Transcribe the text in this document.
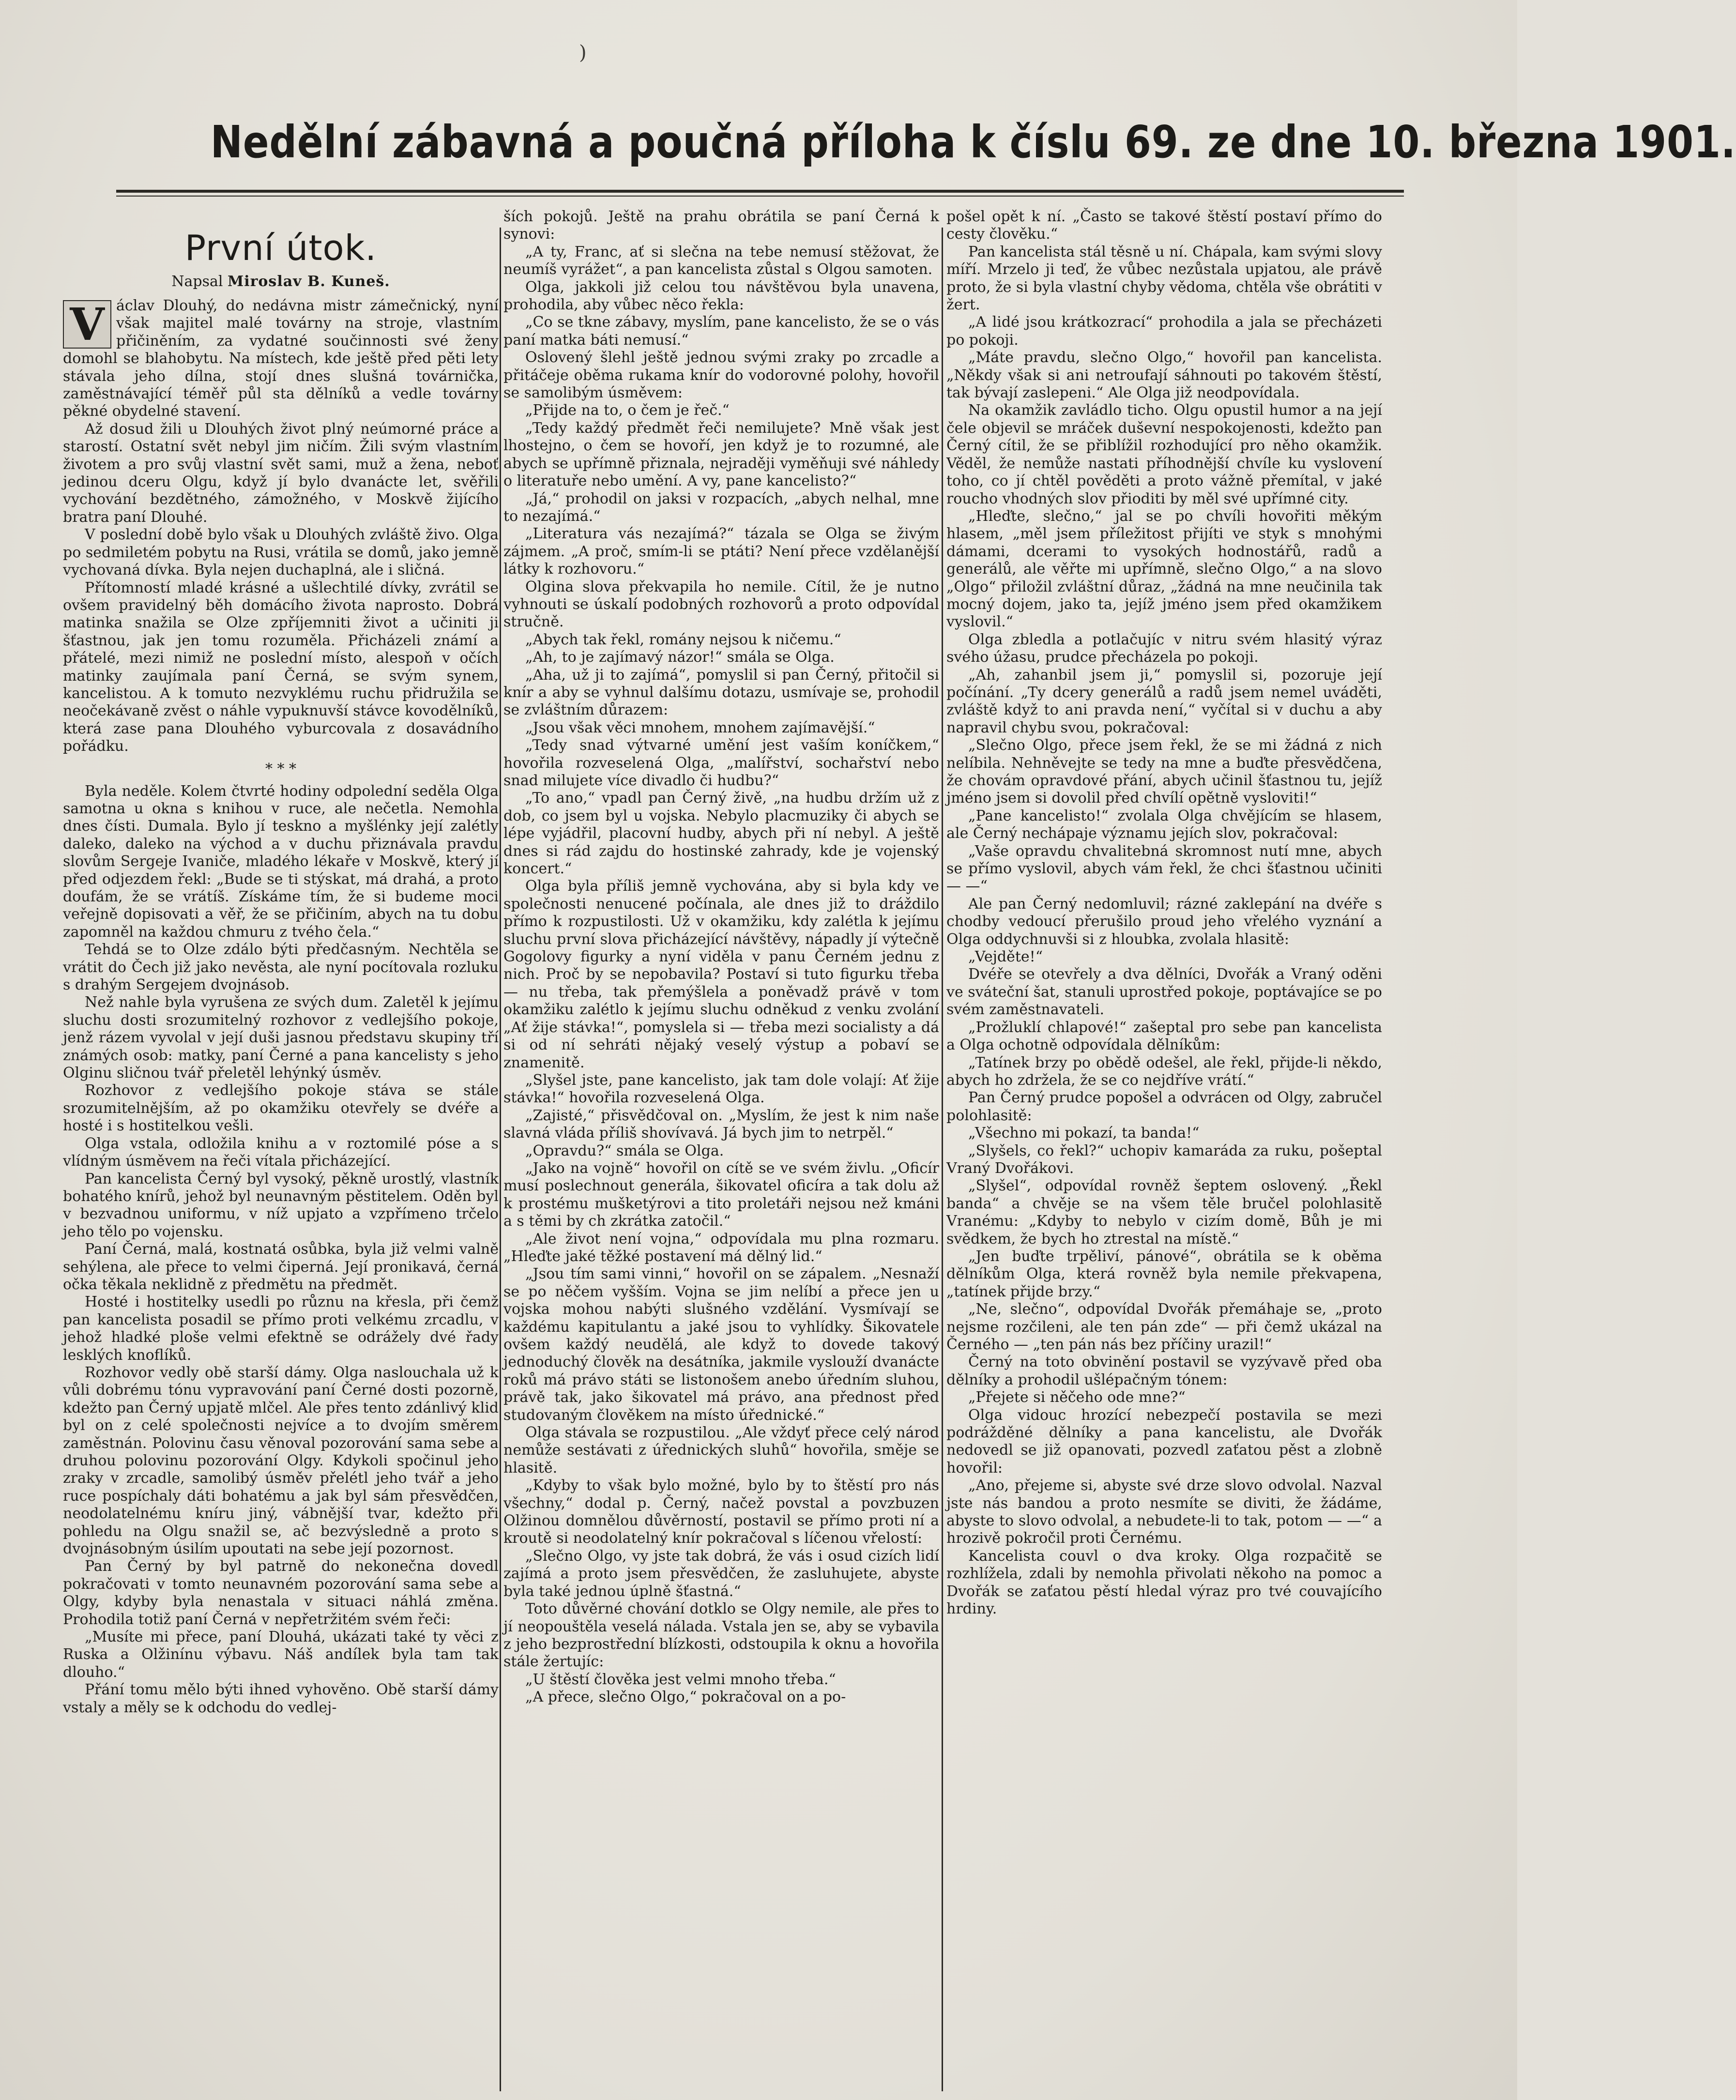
)
Nedělní zábavná a poučná příloha k číslu 69. ze dne 10. března 1901.
První útok.
Napsal Miroslav B. Kuneš.
V áclav Dlouhý, do nedávna mistr zámečnický, nyní však majitel malé továrny na stroje, vlastním přičiněním, za vydatné součinnosti své ženy domohl se blahobytu. Na místech, kde ještě před pěti lety stávala jeho dílna, stojí dnes slušná továrnička, zaměstnávající téměř půl sta dělníků a vedle továrny pěkné obydelné stavení.

Až dosud žili u Dlouhých život plný neúmorné práce a starostí. Ostatní svět nebyl jim ničím. Žili svým vlastním životem a pro svůj vlastní svět sami, muž a žena, neboť jedinou dceru Olgu, když jí bylo dvanácte let, svěřili vychování bezdětného, zámožného, v Moskvě žijícího bratra paní Dlouhé.

V poslední době bylo však u Dlouhých zvláště živo. Olga po sedmiletém pobytu na Rusi, vrátila se domů, jako jemně vychovaná dívka. Byla nejen duchaplná, ale i sličná.

Přítomností mladé krásné a ušlechtilé dívky, zvrátil se ovšem pravidelný běh domácího života naprosto. Dobrá matinka snažila se Olze zpříjemniti život a učiniti ji šťastnou, jak jen tomu rozuměla. Přicházeli známí a přátelé, mezi nimiž ne poslední místo, alespoň v očích matinky zaujímala paní Černá, se svým synem, kancelistou. A k tomuto nezvyklému ruchu přidružila se neočekávaně zvěst o náhle vypuknuvší stávce kovodělníků, která zase pana Dlouhého vyburcovala z dosavádního pořádku.

* * *

Byla neděle. Kolem čtvrté hodiny odpolední seděla Olga samotna u okna s knihou v ruce, ale nečetla. Nemohla dnes čísti. Dumala. Bylo jí teskno a myšlénky její zalétly daleko, daleko na východ a v duchu přiznávala pravdu slovům Sergeje Ivaniče, mladého lékaře v Moskvě, který jí před odjezdem řekl: „Bude se ti stýskat, má drahá, a proto doufám, že se vrátíš. Získáme tím, že si budeme moci veřejně dopisovati a věř, že se přičiním, abych na tu dobu zapomněl na každou chmuru z tvého čela.“

Tehdá se to Olze zdálo býti předčasným. Nechtěla se vrátit do Čech již jako nevěsta, ale nyní pocítovala rozluku s drahým Sergejem dvojnásob.

Než nahle byla vyrušena ze svých dum. Zaletěl k jejímu sluchu dosti srozumitelný rozhovor z vedlejšího pokoje, jenž rázem vyvolal v její duši jasnou představu skupiny tří známých osob: matky, paní Černé a pana kancelisty s jeho Olginu sličnou tvář přeletěl lehýnký úsměv.

Rozhovor z vedlejšího pokoje stáva se stále srozumitelnějším, až po okamžiku otevřely se dvéře a hosté i s hostitelkou vešli.

Olga vstala, odložila knihu a v roztomilé póse a s vlídným úsměvem na řeči vítala přicházející.

Pan kancelista Černý byl vysoký, pěkně urostlý, vlastník bohatého knírů, jehož byl neunavným pěstitelem. Oděn byl v bezvadnou uniformu, v níž upjato a vzpřímeno trčelo jeho tělo po vojensku.

Paní Černá, malá, kostnatá osůbka, byla již velmi valně sehýlena, ale přece to velmi čiperná. Její pronikavá, černá očka těkala neklidně z předmětu na předmět.

Hosté i hostitelky usedli po různu na křesla, při čemž pan kancelista posadil se přímo proti velkému zrcadlu, v jehož hladké ploše velmi efektně se odrážely dvé řady lesklých knoflíků.

Rozhovor vedly obě starší dámy. Olga naslouchala už k vůli dobrému tónu vypravování paní Černé dosti pozorně, kdežto pan Černý upjatě mlčel. Ale přes tento zdánlivý klid byl on z celé společnosti nejvíce a to dvojím směrem zaměstnán. Polovinu času věnoval pozorování sama sebe a druhou polovinu pozorování Olgy. Kdykoli spočinul jeho zraky v zrcadle, samolibý úsměv přelétl jeho tvář a jeho ruce pospíchaly dáti bohatému a jak byl sám přesvědčen, neodolatelnému kníru jiný, vábnější tvar, kdežto při pohledu na Olgu snažil se, ač bezvýsledně a proto s dvojnásobným úsilím upoutati na sebe její pozornost.

Pan Černý by byl patrně do nekonečna dovedl pokračovati v tomto neunavném pozorování sama sebe a Olgy, kdyby byla nenastala v situaci náhlá změna. Prohodila totiž paní Černá v nepřetržitém svém řeči:

„Musíte mi přece, paní Dlouhá, ukázati také ty věci z Ruska a Olžinínu výbavu. Náš andílek byla tam tak dlouho.“

Přání tomu mělo býti ihned vyhověno. Obě starší dámy vstaly a měly se k odchodu do vedlej-

ších pokojů. Ještě na prahu obrátila se paní Černá k synovi:

„A ty, Franc, ať si slečna na tebe nemusí stěžovat, že neumíš vyrážet“, a pan kancelista zůstal s Olgou samoten.

Olga, jakkoli již celou tou návštěvou byla unavena, prohodila, aby vůbec něco řekla:

„Co se tkne zábavy, myslím, pane kancelisto, že se o vás paní matka báti nemusí.“

Oslovený šlehl ještě jednou svými zraky po zrcadle a přitáčeje oběma rukama knír do vodorovné polohy, hovořil se samolibým úsměvem:

„Přijde na to, o čem je řeč.“

„Tedy každý předmět řeči nemilujete? Mně však jest lhostejno, o čem se hovoří, jen když je to rozumné, ale abych se upřímně přiznala, nejraději vyměňuji své náhledy o literatuře nebo umění. A vy, pane kancelisto?“

„Já,“ prohodil on jaksi v rozpacích, „abych nelhal, mne to nezajímá.“

„Literatura vás nezajímá?“ tázala se Olga se živým zájmem. „A proč, smím-li se ptáti? Není přece vzdělanější látky k rozhovoru.“

Olgina slova překvapila ho nemile. Cítil, že je nutno vyhnouti se úskalí podobných rozhovorů a proto odpovídal stručně.

„Abych tak řekl, romány nejsou k ničemu.“

„Ah, to je zajímavý názor!“ smála se Olga.

„Aha, už ji to zajímá“, pomyslil si pan Černý, přitočil si knír a aby se vyhnul dalšímu dotazu, usmívaje se, prohodil se zvláštním důrazem:

„Jsou však věci mnohem, mnohem zajímavější.“

„Tedy snad výtvarné umění jest vaším koníčkem,“ hovořila rozveselená Olga, „malířství, sochařství nebo snad milujete více divadlo či hudbu?“

„To ano,“ vpadl pan Černý živě, „na hudbu držím už z dob, co jsem byl u vojska. Nebylo placmuziky či abych se lépe vyjádřil, placovní hudby, abych při ní nebyl. A ještě dnes si rád zajdu do hostinské zahrady, kde je vojenský koncert.“

Olga byla příliš jemně vychována, aby si byla kdy ve společnosti nenucené počínala, ale dnes již to dráždilo přímo k rozpustilosti. Už v okamžiku, kdy zalétla k jejímu sluchu první slova přicházející návštěvy, nápadly jí výtečně Gogolovy figurky a nyní viděla v panu Černém jednu z nich. Proč by se nepobavila? Postaví si tuto figurku třeba — nu třeba, tak přemýšlela a poněvadž právě v tom okamžiku zalétlo k jejímu sluchu odněkud z venku zvolání „Ať žije stávka!“, pomyslela si — třeba mezi socialisty a dá si od ní sehráti nějaký veselý výstup a pobaví se znamenitě.

„Slyšel jste, pane kancelisto, jak tam dole volají: Ať žije stávka!“ hovořila rozveselená Olga.

„Zajisté,“ přisvědčoval on. „Myslím, že jest k nim naše slavná vláda příliš shovívavá. Já bych jim to netrpěl.“

„Opravdu?“ smála se Olga.

„Jako na vojně“ hovořil on cítě se ve svém živlu. „Oficír musí poslechnout generála, šikovatel oficíra a tak dolu až k prostému mušketýrovi a tito proletáři nejsou než kmáni a s těmi by ch zkrátka zatočil.“

„Ale život není vojna,“ odpovídala mu plna rozmaru. „Hleďte jaké těžké postavení má dělný lid.“

„Jsou tím sami vinni,“ hovořil on se zápalem. „Nesnaží se po něčem vyšším. Vojna se jim nelíbí a přece jen u vojska mohou nabýti slušného vzdělání. Vysmívají se každému kapitulantu a jaké jsou to vyhlídky. Šikovatele ovšem každý neudělá, ale když to dovede takový jednoduchý člověk na desátníka, jakmile vyslouží dvanácte roků má právo státi se listonošem anebo úředním sluhou, právě tak, jako šikovatel má právo, ana přednost před studovaným člověkem na místo úřednické.“

Olga stávala se rozpustilou. „Ale vždyť přece celý národ nemůže sestávati z úřednických sluhů“ hovořila, směje se hlasitě.

„Kdyby to však bylo možné, bylo by to štěstí pro nás všechny,“ dodal p. Černý, načež povstal a povzbuzen Olžinou domnělou důvěrností, postavil se přímo proti ní a kroutě si neodolatelný knír pokračoval s líčenou vřelostí:

„Slečno Olgo, vy jste tak dobrá, že vás i osud cizích lidí zajímá a proto jsem přesvědčen, že zasluhujete, abyste byla také jednou úplně šťastná.“

Toto důvěrné chování dotklo se Olgy nemile, ale přes to jí neopouštěla veselá nálada. Vstala jen se, aby se vybavila z jeho bezprostřední blízkosti, odstoupila k oknu a hovořila stále žertujíc:

„U štěstí člověka jest velmi mnoho třeba.“

„A přece, slečno Olgo,“ pokračoval on a po-

pošel opět k ní. „Často se takové štěstí postaví přímo do cesty člověku.“

Pan kancelista stál těsně u ní. Chápala, kam svými slovy míří. Mrzelo ji teď, že vůbec nezůstala upjatou, ale právě proto, že si byla vlastní chyby vědoma, chtěla vše obrátiti v žert.

„A lidé jsou krátkozrací“ prohodila a jala se přecházeti po pokoji.

„Máte pravdu, slečno Olgo,“ hovořil pan kancelista. „Někdy však si ani netroufají sáhnouti po takovém štěstí, tak bývají zaslepeni.“ Ale Olga již neodpovídala.

Na okamžik zavládlo ticho. Olgu opustil humor a na její čele objevil se mráček duševní nespokojenosti, kdežto pan Černý cítil, že se přiblížil rozhodující pro něho okamžik. Věděl, že nemůže nastati příhodnější chvíle ku vyslovení toho, co jí chtěl pověděti a proto vážně přemítal, v jaké roucho vhodných slov přioditi by měl své upřímné city.

„Hleďte, slečno,“ jal se po chvíli hovořiti měkým hlasem, „měl jsem příležitost přijíti ve styk s mnohými dámami, dcerami to vysokých hodnostářů, radů a generálů, ale věřte mi upřímně, slečno Olgo,“ a na slovo „Olgo“ přiložil zvláštní důraz, „žádná na mne neučinila tak mocný dojem, jako ta, jejíž jméno jsem před okamžikem vyslovil.“

Olga zbledla a potlačujíc v nitru svém hlasitý výraz svého úžasu, prudce přecházela po pokoji.

„Ah, zahanbil jsem ji,“ pomyslil si, pozoruje její počínání. „Ty dcery generálů a radů jsem nemel uváděti, zvláště když to ani pravda není,“ vyčítal si v duchu a aby napravil chybu svou, pokračoval:

„Slečno Olgo, přece jsem řekl, že se mi žádná z nich nelíbila. Nehněvejte se tedy na mne a buďte přesvědčena, že chovám opravdové přání, abych učinil šťastnou tu, jejíž jméno jsem si dovolil před chvílí opětně vysloviti!“

„Pane kancelisto!“ zvolala Olga chvějícím se hlasem, ale Černý nechápaje významu jejích slov, pokračoval:

„Vaše opravdu chvalitebná skromnost nutí mne, abych se přímo vyslovil, abych vám řekl, že chci šťastnou učiniti — —“

Ale pan Černý nedomluvil; rázné zaklepání na dvéře s chodby vedoucí přerušilo proud jeho vřelého vyznání a Olga oddychnuvši si z hloubka, zvolala hlasitě:

„Vejděte!“

Dvéře se otevřely a dva dělníci, Dvořák a Vraný oděni ve sváteční šat, stanuli uprostřed pokoje, poptávajíce se po svém zaměstnavateli.

„Prožluklí chlapové!“ zašeptal pro sebe pan kancelista a Olga ochotně odpovídala dělníkům:

„Tatínek brzy po obědě odešel, ale řekl, přijde-li někdo, abych ho zdržela, že se co nejdříve vrátí.“

Pan Černý prudce popošel a odvrácen od Olgy, zabručel polohlasitě:

„Všechno mi pokazí, ta banda!“

„Slyšels, co řekl?“ uchopiv kamaráda za ruku, pošeptal Vraný Dvořákovi.

„Slyšel“, odpovídal rovněž šeptem oslovený. „Řekl banda“ a chvěje se na všem těle bručel polohlasitě Vranému: „Kdyby to nebylo v cizím domě, Bůh je mi svědkem, že bych ho ztrestal na místě.“

„Jen buďte trpěliví, pánové“, obrátila se k oběma dělníkům Olga, která rovněž byla nemile překvapena, „tatínek přijde brzy.“

„Ne, slečno“, odpovídal Dvořák přemáhaje se, „proto nejsme rozčileni, ale ten pán zde“ — při čemž ukázal na Černého — „ten pán nás bez příčiny urazil!“

Černý na toto obvinění postavil se vyzývavě před oba dělníky a prohodil ušlépačným tónem:

„Přejete si něčeho ode mne?“

Olga vidouc hrozící nebezpečí postavila se mezi podrážděné dělníky a pana kancelistu, ale Dvořák nedovedl se již opanovati, pozvedl zaťatou pěst a zlobně hovořil:

„Ano, přejeme si, abyste své drze slovo odvolal. Nazval jste nás bandou a proto nesmíte se diviti, že žádáme, abyste to slovo odvolal, a nebudete-li to tak, potom — —“ a hrozivě pokročil proti Černému.

Kancelista couvl o dva kroky. Olga rozpačitě se rozhlížela, zdali by nemohla přivolati někoho na pomoc a Dvořák se zaťatou pěstí hledal výraz pro tvé couvajícího hrdiny.
